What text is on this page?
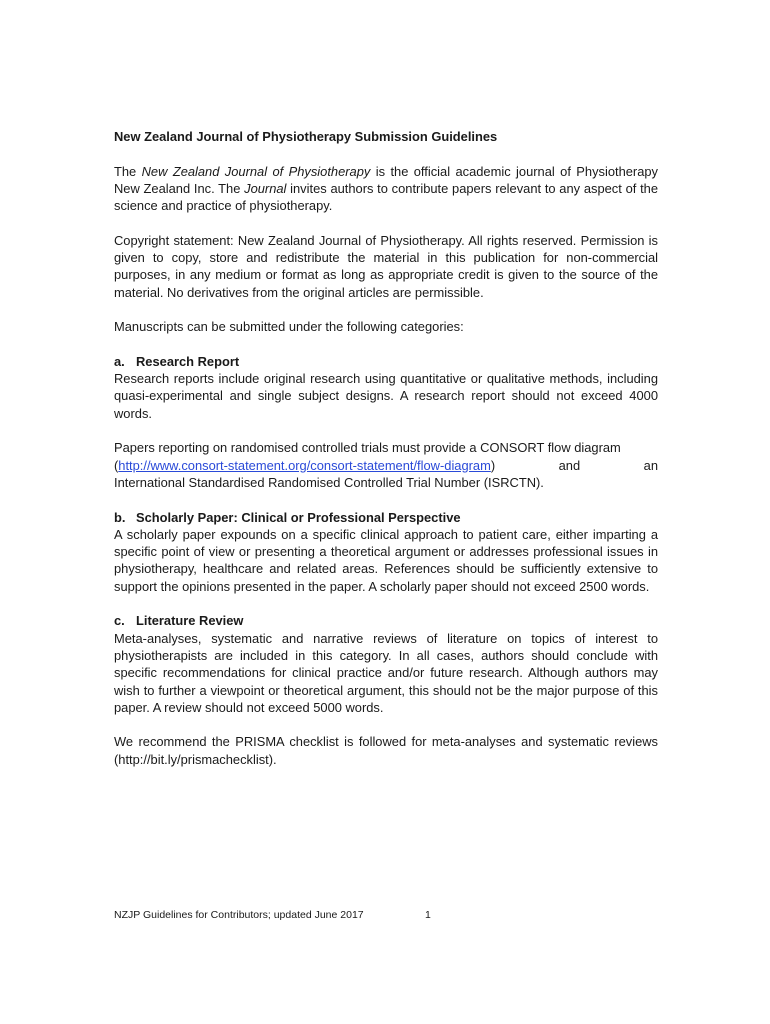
New Zealand Journal of Physiotherapy Submission Guidelines

The New Zealand Journal of Physiotherapy is the official academic journal of Physiotherapy New Zealand Inc. The Journal invites authors to contribute papers relevant to any aspect of the science and practice of physiotherapy.

Copyright statement: New Zealand Journal of Physiotherapy. All rights reserved. Permission is given to copy, store and redistribute the material in this publication for non-commercial purposes, in any medium or format as long as appropriate credit is given to the source of the material. No derivatives from the original articles are permissible.

Manuscripts can be submitted under the following categories:

a. Research Report

Research reports include original research using quantitative or qualitative methods, including quasi-experimental and single subject designs. A research report should not exceed 4000 words.

Papers reporting on randomised controlled trials must provide a CONSORT flow diagram

(http://www.consort-statement.org/consort-statement/flow-diagram)	and	an
International Standardised Randomised Controlled Trial Number (ISRCTN).

b. Scholarly Paper: Clinical or Professional Perspective

A scholarly paper expounds on a specific clinical approach to patient care, either imparting a specific point of view or presenting a theoretical argument or addresses professional issues in physiotherapy, healthcare and related areas. References should be sufficiently extensive to support the opinions presented in the paper. A scholarly paper should not exceed 2500 words.

c. Literature Review

Meta-analyses, systematic and narrative reviews of literature on topics of interest to physiotherapists are included in this category. In all cases, authors should conclude with specific recommendations for clinical practice and/or future research. Although authors may wish to further a viewpoint or theoretical argument, this should not be the major purpose of this paper. A review should not exceed 5000 words.

We recommend the PRISMA checklist is followed for meta-analyses and systematic reviews (http://bit.ly/prismachecklist).

NZJP Guidelines for Contributors; updated June 2017	1
